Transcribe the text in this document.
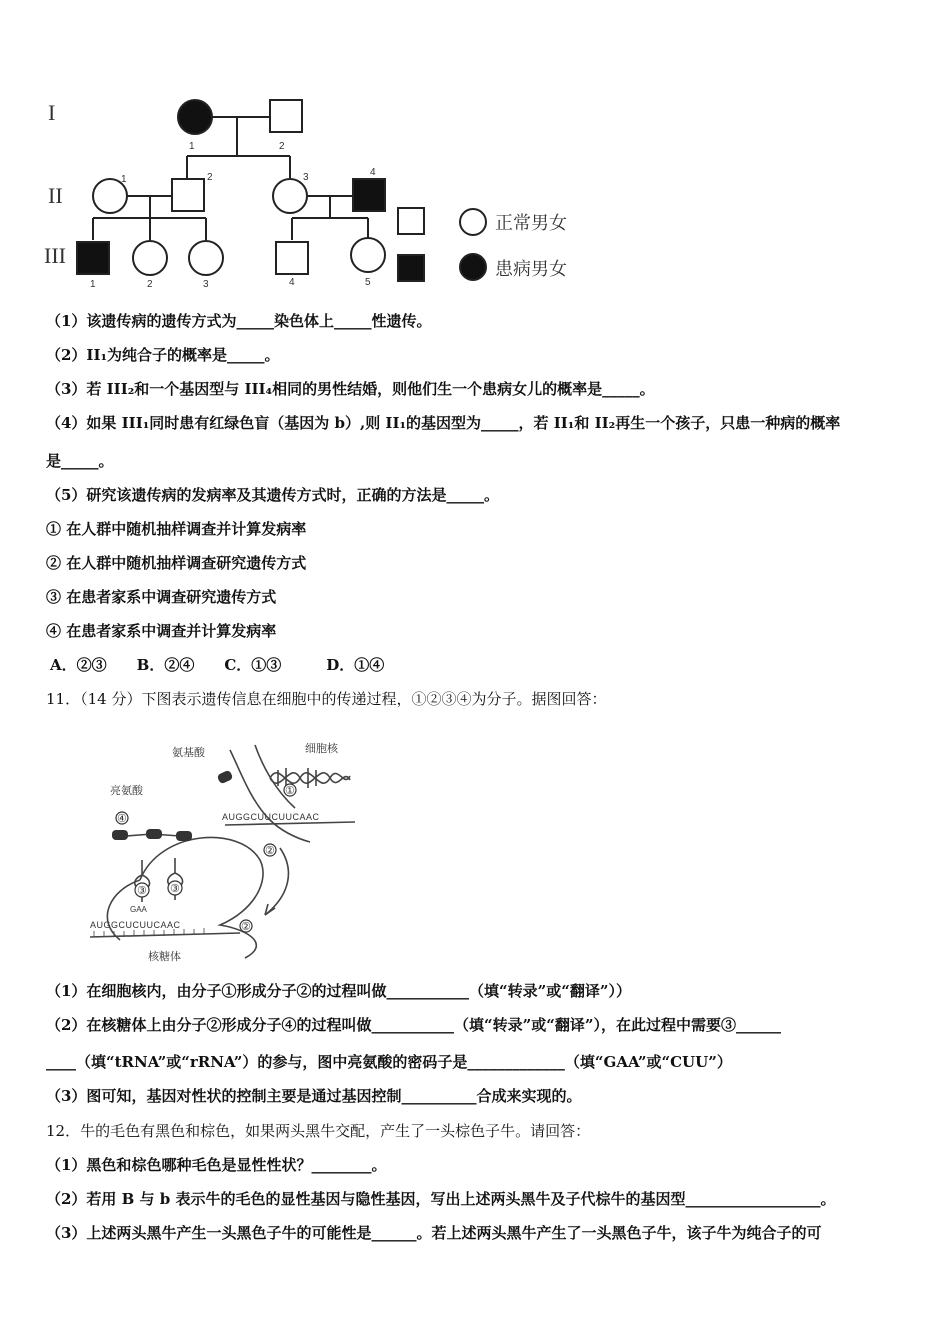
I
II
III
1	2
1	2	3	4
1	2	3	4	5
正常男女
患病男女
（1）该遗传病的遗传方式为_____染色体上_____性遗传。
（2）II₁为纯合子的概率是_____。
（3）若 III₂和一个基因型与 III₄相同的男性结婚，则他们生一个患病女儿的概率是_____。
（4）如果 III₁同时患有红绿色盲（基因为 b）,则 II₁的基因型为_____，若 II₁和 II₂再生一个孩子，只患一种病的概率
是_____。
（5）研究该遗传病的发病率及其遗传方式时，正确的方法是_____。
① 在人群中随机抽样调查并计算发病率
② 在人群中随机抽样调查研究遗传方式
③ 在患者家系中调查研究遗传方式
④ 在患者家系中调查并计算发病率
A．②③　　B．②④　　C．①③　　　D．①④
11．（14 分）下图表示遗传信息在细胞中的传递过程，①②③④为分子。据图回答：
③ ③
④
①
②
②
氨基酸	细胞核
亮氨酸
核糖体
AUGGCUUCUUCAAC
AUGGCUCUUCAAC
GAA
（1）在细胞核内，由分子①形成分子②的过程叫做___________（填“转录”或“翻译”））
（2）在核糖体上由分子②形成分子④的过程叫做___________（填“转录”或“翻译”），在此过程中需要③______
____（填“tRNA”或“rRNA”）的参与，图中亮氨酸的密码子是_____________（填“GAA”或“CUU”）
（3）图可知，基因对性状的控制主要是通过基因控制__________合成来实现的。
12．牛的毛色有黑色和棕色，如果两头黑牛交配，产生了一头棕色子牛。请回答：
（1）黑色和棕色哪种毛色是显性性状？________。
（2）若用 B 与 b 表示牛的毛色的显性基因与隐性基因，写出上述两头黑牛及子代棕牛的基因型__________________。
（3）上述两头黑牛产生一头黑色子牛的可能性是______。若上述两头黑牛产生了一头黑色子牛，该子牛为纯合子的可
